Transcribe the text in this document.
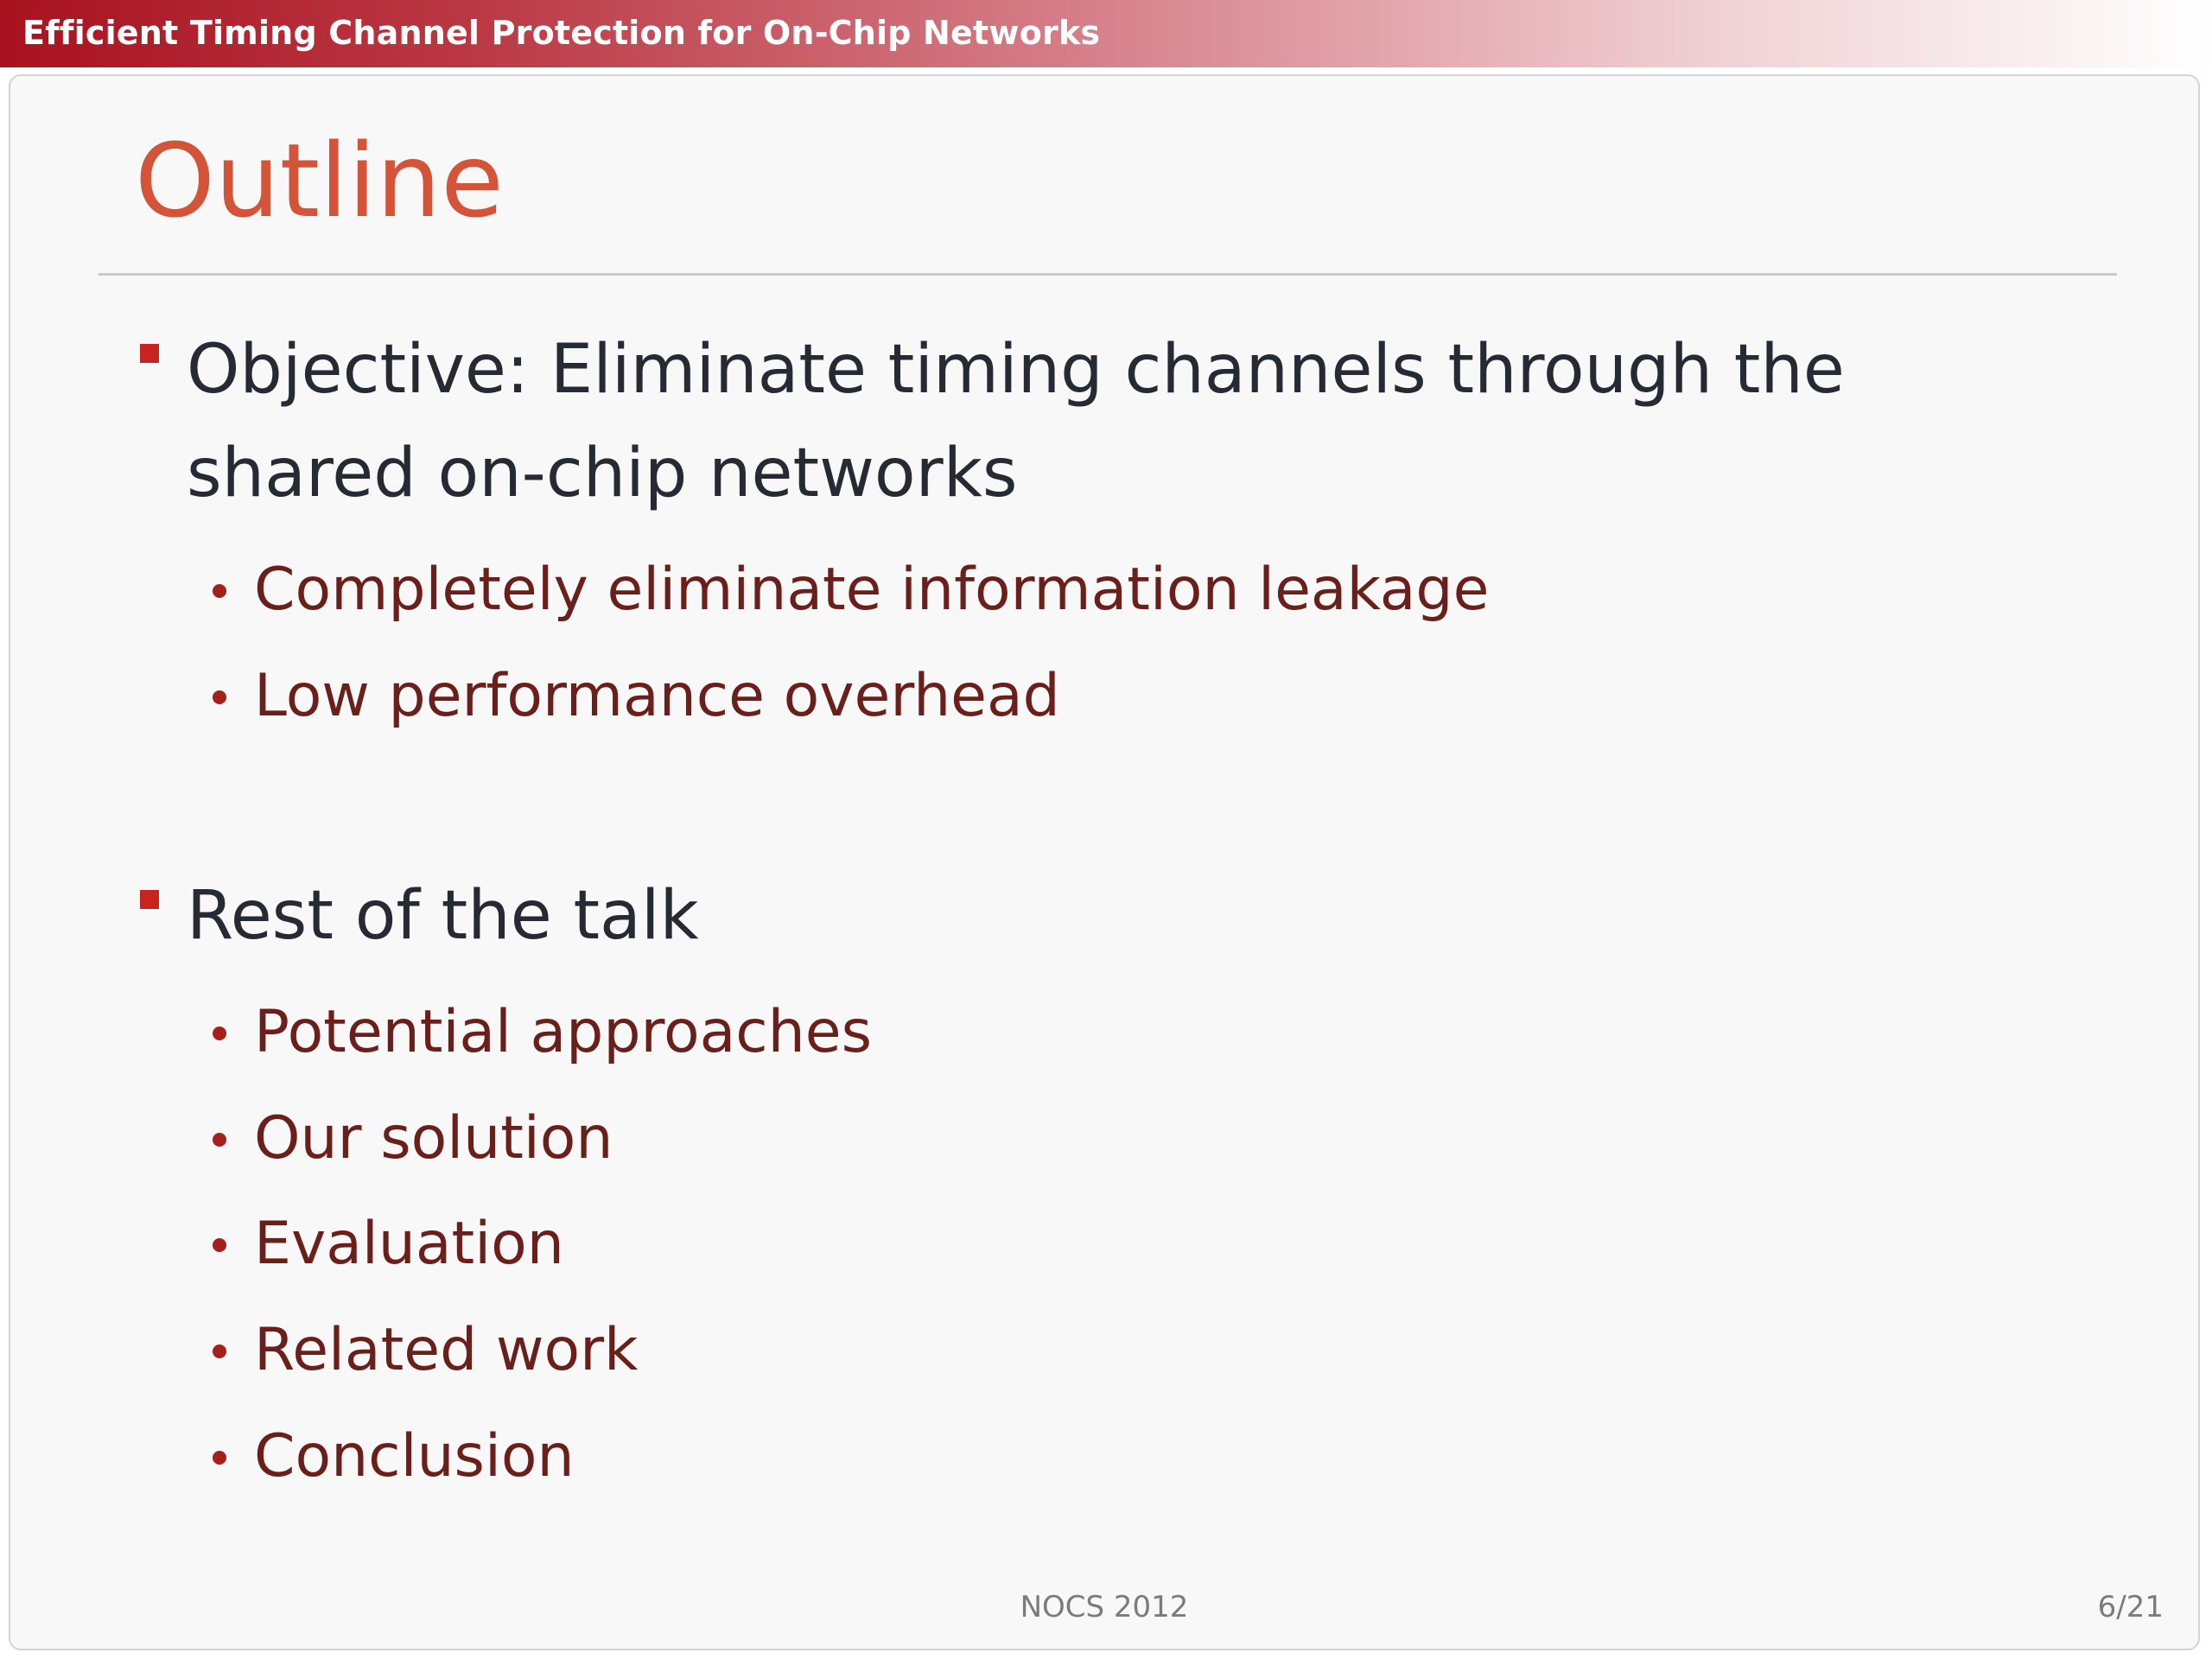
Efficient Timing Channel Protection for On-Chip Networks
Outline
Objective: Eliminate timing channels through the shared on-chip networks
Completely eliminate information leakage
Low performance overhead
Rest of the talk
Potential approaches
Our solution
Evaluation
Related work
Conclusion
NOCS 2012	6/21
